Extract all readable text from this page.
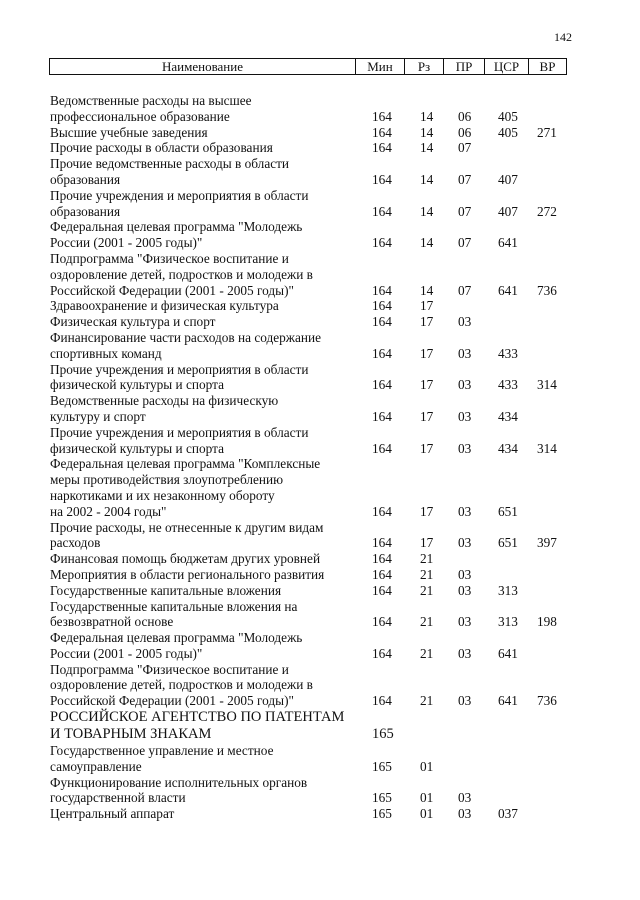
142
Наименование	Мин	Рз	ПР	ЦСР	ВР
Ведомственные расходы на высшее
профессиональное образование	164 14 06 405
Высшие учебные заведения	164 14 06 405 271
Прочие расходы в области образования	164 14 07
Прочие ведомственные расходы в области
образования	164 14 07 407
Прочие учреждения и мероприятия в области
образования	164 14 07 407 272
Федеральная целевая программа "Молодежь
России (2001 - 2005 годы)"	164 14 07 641
Подпрограмма "Физическое воспитание и
оздоровление детей, подростков и молодежи в
Российской Федерации (2001 - 2005 годы)"	164 14 07 641 736
Здравоохранение и физическая культура	164 17
Физическая культура и спорт	164 17 03
Финансирование части расходов на содержание
спортивных команд	164 17 03 433
Прочие учреждения и мероприятия в области
физической культуры и спорта	164 17 03 433 314
Ведомственные расходы на физическую
культуру и спорт	164 17 03 434
Прочие учреждения и мероприятия в области
физической культуры и спорта	164 17 03 434 314
Федеральная целевая программа "Комплексные
меры противодействия злоупотреблению
наркотиками и их незаконному обороту
на 2002 - 2004 годы"	164 17 03 651
Прочие расходы, не отнесенные к другим видам
расходов	164 17 03 651 397
Финансовая помощь бюджетам других уровней	164 21
Мероприятия в области регионального развития	164 21 03
Государственные капитальные вложения	164 21 03 313
Государственные капитальные вложения на
безвозвратной основе	164 21 03 313 198
Федеральная целевая программа "Молодежь
России (2001 - 2005 годы)"	164 21 03 641
Подпрограмма "Физическое воспитание и
оздоровление детей, подростков и молодежи в
Российской Федерации (2001 - 2005 годы)"	164 21 03 641 736
РОССИЙСКОЕ АГЕНТСТВО ПО ПАТЕНТАМ
И ТОВАРНЫМ ЗНАКАМ	165
Государственное управление и местное
самоуправление	165 01
Функционирование исполнительных органов
государственной власти	165 01 03
Центральный аппарат	165 01 03 037
